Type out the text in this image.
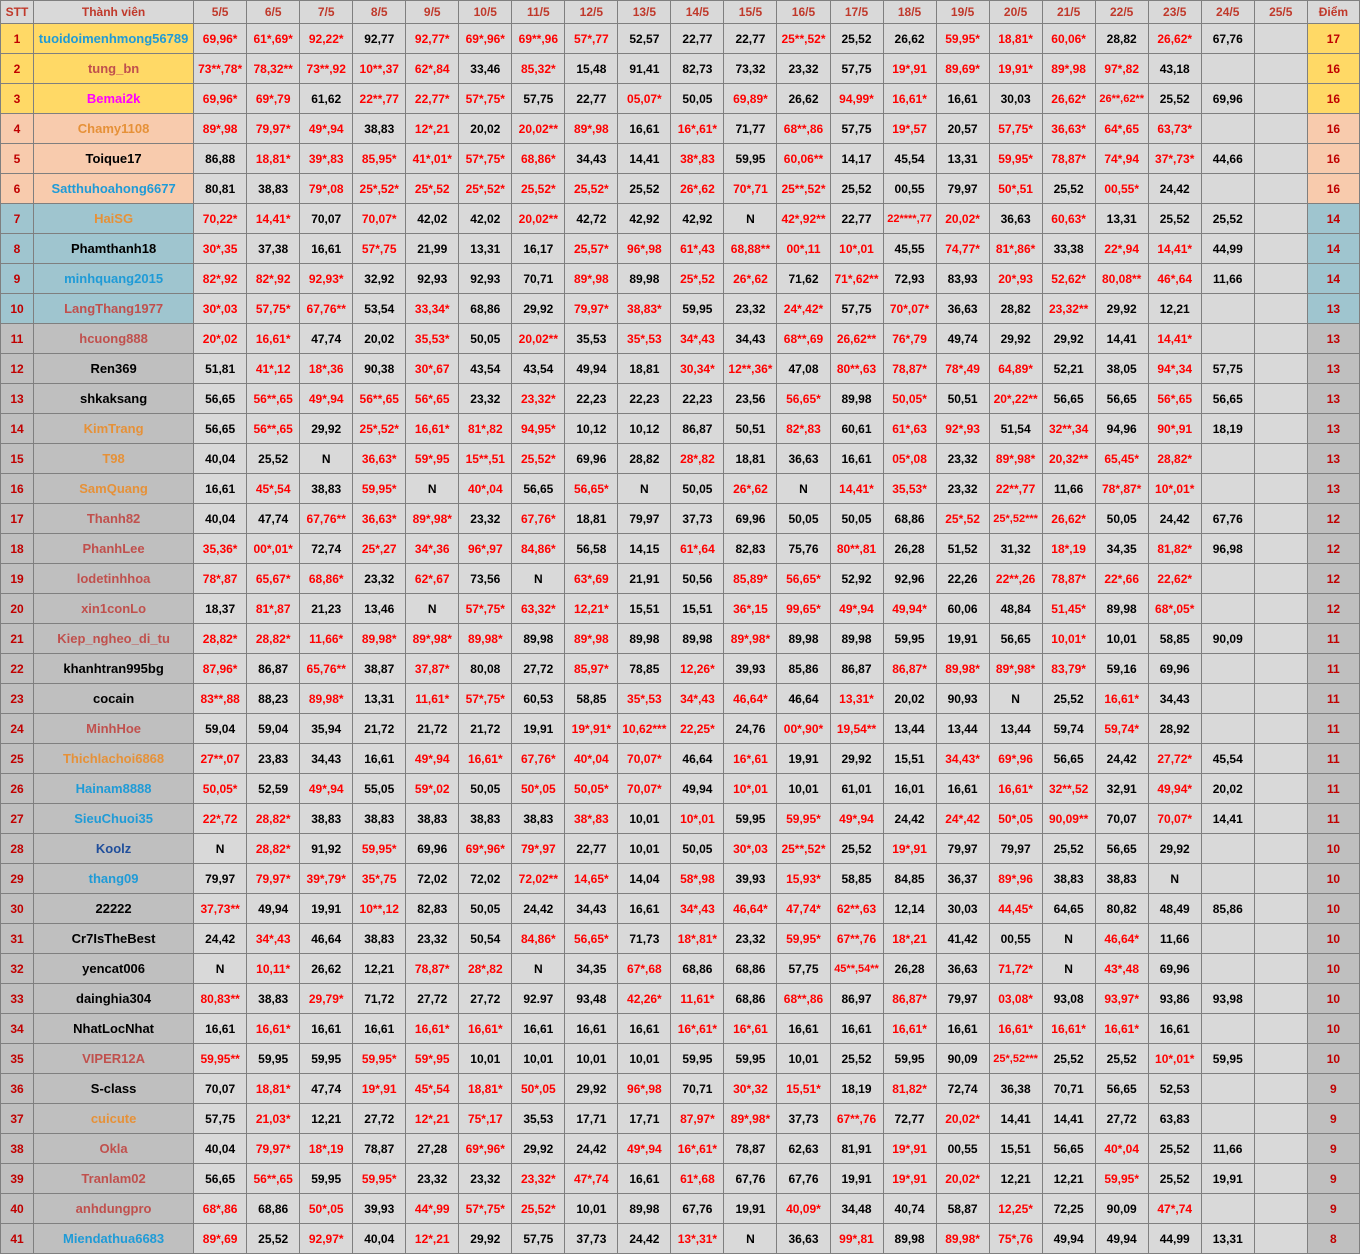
STT	Thành viên	5/5	6/5	7/5	8/5	9/5	10/5	11/5	12/5	13/5	14/5	15/5	16/5	17/5	18/5	19/5	20/5	21/5	22/5	23/5	24/5	25/5	Điểm
1	tuoidoimenhmong56789	69,96*	61*,69*	92,22*	92,77	92,77*	69*,96*	69**,96	57*,77	52,57	22,77	22,77	25**,52*	25,52	26,62	59,95*	18,81*	60,06*	28,82	26,62*	67,76		17
2	tung_bn	73**,78*	78,32**	73**,92	10**,37	62*,84	33,46	85,32*	15,48	91,41	82,73	73,32	23,32	57,75	19*,91	89,69*	19,91*	89*,98	97*,82	43,18			16
3	Bemai2k	69,96*	69*,79	61,62	22**,77	22,77*	57*,75*	57,75	22,77	05,07*	50,05	69,89*	26,62	94,99*	16,61*	16,61	30,03	26,62*	26**,62**	25,52	69,96		16
4	Chamy1108	89*,98	79,97*	49*,94	38,83	12*,21	20,02	20,02**	89*,98	16,61	16*,61*	71,77	68**,86	57,75	19*,57	20,57	57,75*	36,63*	64*,65	63,73*			16
5	Toique17	86,88	18,81*	39*,83	85,95*	41*,01*	57*,75*	68,86*	34,43	14,41	38*,83	59,95	60,06**	14,17	45,54	13,31	59,95*	78,87*	74*,94	37*,73*	44,66		16
6	Satthuhoahong6677	80,81	38,83	79*,08	25*,52*	25*,52	25*,52*	25,52*	25,52*	25,52	26*,62	70*,71	25**,52*	25,52	00,55	79,97	50*,51	25,52	00,55*	24,42			16
7	HaiSG	70,22*	14,41*	70,07	70,07*	42,02	42,02	20,02**	42,72	42,92	42,92	N	42*,92**	22,77	22****,77	20,02*	36,63	60,63*	13,31	25,52	25,52		14
8	Phamthanh18	30*,35	37,38	16,61	57*,75	21,99	13,31	16,17	25,57*	96*,98	61*,43	68,88**	00*,11	10*,01	45,55	74,77*	81*,86*	33,38	22*,94	14,41*	44,99		14
9	minhquang2015	82*,92	82*,92	92,93*	32,92	92,93	92,93	70,71	89*,98	89,98	25*,52	26*,62	71,62	71*,62**	72,93	83,93	20*,93	52,62*	80,08**	46*,64	11,66		14
10	LangThang1977	30*,03	57,75*	67,76**	53,54	33,34*	68,86	29,92	79,97*	38,83*	59,95	23,32	24*,42*	57,75	70*,07*	36,63	28,82	23,32**	29,92	12,21			13
11	hcuong888	20*,02	16,61*	47,74	20,02	35,53*	50,05	20,02**	35,53	35*,53	34*,43	34,43	68**,69	26,62**	76*,79	49,74	29,92	29,92	14,41	14,41*			13
12	Ren369	51,81	41*,12	18*,36	90,38	30*,67	43,54	43,54	49,94	18,81	30,34*	12**,36*	47,08	80**,63	78,87*	78*,49	64,89*	52,21	38,05	94*,34	57,75		13
13	shkaksang	56,65	56**,65	49*,94	56**,65	56*,65	23,32	23,32*	22,23	22,23	22,23	23,56	56,65*	89,98	50,05*	50,51	20*,22**	56,65	56,65	56*,65	56,65		13
14	KimTrang	56,65	56**,65	29,92	25*,52*	16,61*	81*,82	94,95*	10,12	10,12	86,87	50,51	82*,83	60,61	61*,63	92*,93	51,54	32**,34	94,96	90*,91	18,19		13
15	T98	40,04	25,52	N	36,63*	59*,95	15**,51	25,52*	69,96	28,82	28*,82	18,81	36,63	16,61	05*,08	23,32	89*,98*	20,32**	65,45*	28,82*			13
16	SamQuang	16,61	45*,54	38,83	59,95*	N	40*,04	56,65	56,65*	N	50,05	26*,62	N	14,41*	35,53*	23,32	22**,77	11,66	78*,87*	10*,01*			13
17	Thanh82	40,04	47,74	67,76**	36,63*	89*,98*	23,32	67,76*	18,81	79,97	37,73	69,96	50,05	50,05	68,86	25*,52	25*,52***	26,62*	50,05	24,42	67,76		12
18	PhanhLee	35,36*	00*,01*	72,74	25*,27	34*,36	96*,97	84,86*	56,58	14,15	61*,64	82,83	75,76	80**,81	26,28	51,52	31,32	18*,19	34,35	81,82*	96,98		12
19	lodetinhhoa	78*,87	65,67*	68,86*	23,32	62*,67	73,56	N	63*,69	21,91	50,56	85,89*	56,65*	52,92	92,96	22,26	22**,26	78,87*	22*,66	22,62*			12
20	xin1conLo	18,37	81*,87	21,23	13,46	N	57*,75*	63,32*	12,21*	15,51	15,51	36*,15	99,65*	49*,94	49,94*	60,06	48,84	51,45*	89,98	68*,05*			12
21	Kiep_ngheo_di_tu	28,82*	28,82*	11,66*	89,98*	89*,98*	89,98*	89,98	89*,98	89,98	89,98	89*,98*	89,98	89,98	59,95	19,91	56,65	10,01*	10,01	58,85	90,09		11
22	khanhtran995bg	87,96*	86,87	65,76**	38,87	37,87*	80,08	27,72	85,97*	78,85	12,26*	39,93	85,86	86,87	86,87*	89,98*	89*,98*	83,79*	59,16	69,96			11
23	cocain	83**,88	88,23	89,98*	13,31	11,61*	57*,75*	60,53	58,85	35*,53	34*,43	46,64*	46,64	13,31*	20,02	90,93	N	25,52	16,61*	34,43			11
24	MinhHoe	59,04	59,04	35,94	21,72	21,72	21,72	19,91	19*,91*	10,62***	22,25*	24,76	00*,90*	19,54**	13,44	13,44	13,44	59,74	59,74*	28,92			11
25	Thichlachoi6868	27**,07	23,83	34,43	16,61	49*,94	16,61*	67,76*	40*,04	70,07*	46,64	16*,61	19,91	29,92	15,51	34,43*	69*,96	56,65	24,42	27,72*	45,54		11
26	Hainam8888	50,05*	52,59	49*,94	55,05	59*,02	50,05	50*,05	50,05*	70,07*	49,94	10*,01	10,01	61,01	16,01	16,61	16,61*	32**,52	32,91	49,94*	20,02		11
27	SieuChuoi35	22*,72	28,82*	38,83	38,83	38,83	38,83	38,83	38*,83	10,01	10*,01	59,95	59,95*	49*,94	24,42	24*,42	50*,05	90,09**	70,07	70,07*	14,41		11
28	Koolz	N	28,82*	91,92	59,95*	69,96	69*,96*	79*,97	22,77	10,01	50,05	30*,03	25**,52*	25,52	19*,91	79,97	79,97	25,52	56,65	29,92			10
29	thang09	79,97	79,97*	39*,79*	35*,75	72,02	72,02	72,02**	14,65*	14,04	58*,98	39,93	15,93*	58,85	84,85	36,37	89*,96	38,83	38,83	N			10
30	22222	37,73**	49,94	19,91	10**,12	82,83	50,05	24,42	34,43	16,61	34*,43	46,64*	47,74*	62**,63	12,14	30,03	44,45*	64,65	80,82	48,49	85,86		10
31	Cr7IsTheBest	24,42	34*,43	46,64	38,83	23,32	50,54	84,86*	56,65*	71,73	18*,81*	23,32	59,95*	67**,76	18*,21	41,42	00,55	N	46,64*	11,66			10
32	yencat006	N	10,11*	26,62	12,21	78,87*	28*,82	N	34,35	67*,68	68,86	68,86	57,75	45**,54**	26,28	36,63	71,72*	N	43*,48	69,96			10
33	dainghia304	80,83**	38,83	29,79*	71,72	27,72	27,72	92.97	93,48	42,26*	11,61*	68,86	68**,86	86,97	86,87*	79,97	03,08*	93,08	93,97*	93,86	93,98		10
34	NhatLocNhat	16,61	16,61*	16,61	16,61	16,61*	16,61*	16,61	16,61	16,61	16*,61*	16*,61	16,61	16,61	16,61*	16,61	16,61*	16,61*	16,61*	16,61			10
35	VIPER12A	59,95**	59,95	59,95	59,95*	59*,95	10,01	10,01	10,01	10,01	59,95	59,95	10,01	25,52	59,95	90,09	25*,52***	25,52	25,52	10*,01*	59,95		10
36	S-class	70,07	18,81*	47,74	19*,91	45*,54	18,81*	50*,05	29,92	96*,98	70,71	30*,32	15,51*	18,19	81,82*	72,74	36,38	70,71	56,65	52,53			9
37	cuicute	57,75	21,03*	12,21	27,72	12*,21	75*,17	35,53	17,71	17,71	87,97*	89*,98*	37,73	67**,76	72,77	20,02*	14,41	14,41	27,72	63,83			9
38	Okla	40,04	79,97*	18*,19	78,87	27,28	69*,96*	29,92	24,42	49*,94	16*,61*	78,87	62,63	81,91	19*,91	00,55	15,51	56,65	40*,04	25,52	11,66		9
39	Tranlam02	56,65	56**,65	59,95	59,95*	23,32	23,32	23,32*	47*,74	16,61	61*,68	67,76	67,76	19,91	19*,91	20,02*	12,21	12,21	59,95*	25,52	19,91		9
40	anhdungpro	68*,86	68,86	50*,05	39,93	44*,99	57*,75*	25,52*	10,01	89,98	67,76	19,91	40,09*	34,48	40,74	58,87	12,25*	72,25	90,09	47*,74			9
41	Miendathua6683	89*,69	25,52	92,97*	40,04	12*,21	29,92	57,75	37,73	24,42	13*,31*	N	36,63	99*,81	89,98	89,98*	75*,76	49,94	49,94	44,99	13,31		8
